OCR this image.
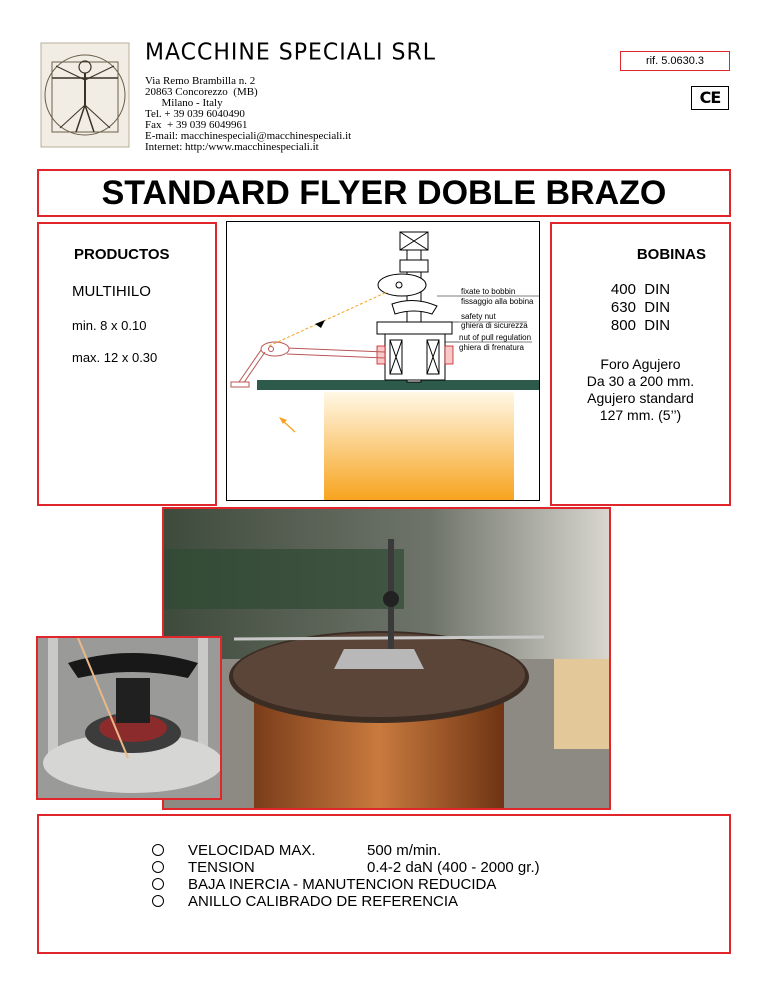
MACCHINE SPECIALI SRL
Via Remo Brambilla n. 2
20863 Concorezzo  (MB)
Milano - Italy
Tel. + 39 039 6040490
Fax  + 39 039 6049961
E-mail: macchinespeciali@macchinespeciali.it
Internet: http:/www.macchinespeciali.it
rif. 5.0630.3
CE
STANDARD FLYER DOBLE BRAZO
PRODUCTOS
MULTIHILO
min. 8 x 0.10
max. 12 x 0.30
fixate to bobbin
fissaggio alla bobina
safety nut
ghiera di sicurezza
nut of pull regulation
ghiera di frenatura
BOBINAS
400  DIN
630  DIN
800  DIN
Foro Agujero
Da 30 a 200 mm.
Agujero standard
127 mm. (5’’)
VELOCIDAD MAX.	500 m/min.
TENSION	0.4-2 daN (400 - 2000 gr.)
BAJA INERCIA - MANUTENCION REDUCIDA
ANILLO CALIBRADO DE REFERENCIA
